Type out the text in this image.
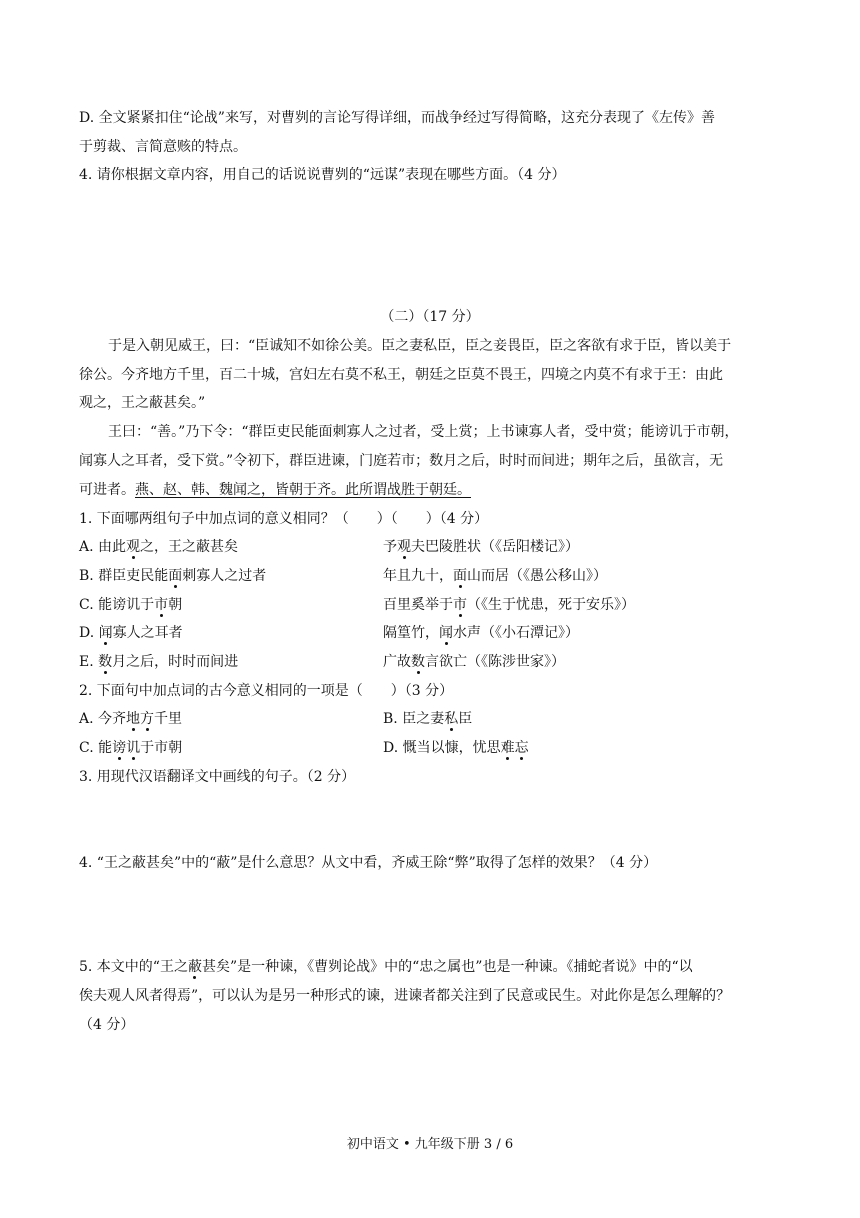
D. 全文紧紧扣住“论战”来写，对曹刿的言论写得详细，而战争经过写得简略，这充分表现了《左传》善
于剪裁、言简意赅的特点。
4. 请你根据文章内容，用自己的话说说曹刿的“远谋”表现在哪些方面。（4 分）
（二）（17 分）
于是入朝见威王，曰：“臣诚知不如徐公美。臣之妻私臣，臣之妾畏臣，臣之客欲有求于臣，皆以美于
徐公。今齐地方千里，百二十城，宫妇左右莫不私王，朝廷之臣莫不畏王，四境之内莫不有求于王：由此
观之，王之蔽甚矣。”
王曰：“善。”乃下令：“群臣吏民能面刺寡人之过者，受上赏；上书谏寡人者，受中赏；能谤讥于市朝，
闻寡人之耳者，受下赏。”令初下，群臣进谏，门庭若市；数月之后，时时而间进；期年之后，虽欲言，无
可进者。燕、赵、韩、魏闻之，皆朝于齐。此所谓战胜于朝廷。
1. 下面哪两组句子中加点词的意义相同？（　　）（　　）（4 分）
A. 由此观之，王之蔽甚矣	予观夫巴陵胜状（《岳阳楼记》）
B. 群臣吏民能面刺寡人之过者	年且九十，面山而居（《愚公移山》）
C. 能谤讥于市朝	百里奚举于市（《生于忧患，死于安乐》）
D. 闻寡人之耳者	隔篁竹，闻水声（《小石潭记》）
E. 数月之后，时时而间进	广故数言欲亡（《陈涉世家》）
2. 下面句中加点词的古今意义相同的一项是（　　）（3 分）
A. 今齐地方千里	B. 臣之妻私臣
C. 能谤讥于市朝	D. 慨当以慷，忧思难忘
3. 用现代汉语翻译文中画线的句子。（2 分）
4. “王之蔽甚矣”中的“蔽”是什么意思？从文中看，齐威王除“弊”取得了怎样的效果？（4 分）
5. 本文中的“王之蔽甚矣”是一种谏，《曹刿论战》中的“忠之属也”也是一种谏。《捕蛇者说》中的“以
俟夫观人风者得焉”，可以认为是另一种形式的谏，进谏者都关注到了民意或民生。对此你是怎么理解的？
（4 分）
初中语文 • 九年级下册 3 / 6
